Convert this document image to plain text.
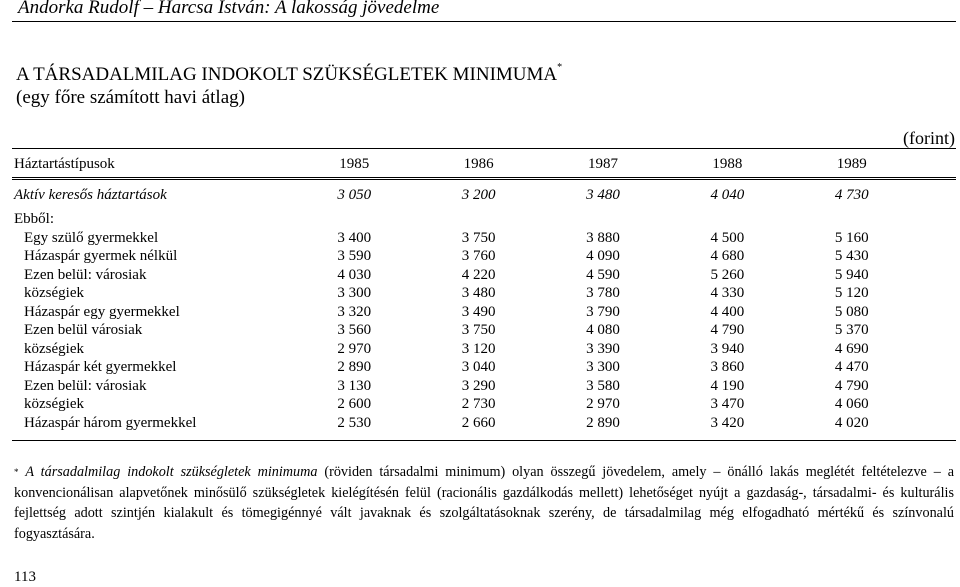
Andorka Rudolf – Harcsa István: A lakosság jövedelme
A TÁRSADALMILAG INDOKOLT SZÜKSÉGLETEK MINIMUMA*
(egy főre számított havi átlag)
(forint)
Háztartástípusok	1985	1986	1987	1988	1989
Aktív keresős háztartások	3 050	3 200	3 480	4 040	4 730
Ebből:					
Egy szülő gyermekkel	3 400	3 750	3 880	4 500	5 160
Házaspár gyermek nélkül	3 590	3 760	4 090	4 680	5 430
Ezen belül: városiak	4 030	4 220	4 590	5 260	5 940
községiek	3 300	3 480	3 780	4 330	5 120
Házaspár egy gyermekkel	3 320	3 490	3 790	4 400	5 080
Ezen belül városiak	3 560	3 750	4 080	4 790	5 370
községiek	2 970	3 120	3 390	3 940	4 690
Házaspár két gyermekkel	2 890	3 040	3 300	3 860	4 470
Ezen belül: városiak	3 130	3 290	3 580	4 190	4 790
községiek	2 600	2 730	2 970	3 470	4 060
Házaspár három gyermekkel	2 530	2 660	2 890	3 420	4 020
* A társadalmilag indokolt szükségletek minimuma (röviden társadalmi minimum) olyan összegű jövedelem, amely – önálló lakás meglétét feltételezve – a konvencionálisan alapvetőnek minősülő szükségletek kielégítésén felül (racionális gazdálkodás mellett) lehetőséget nyújt a gazdaság-, társadalmi- és kulturális fejlettség adott szintjén kialakult és tömegigénnyé vált javaknak és szolgáltatásoknak szerény, de társadalmilag még elfogadható mértékű és színvonalú fogyasztására.
113
